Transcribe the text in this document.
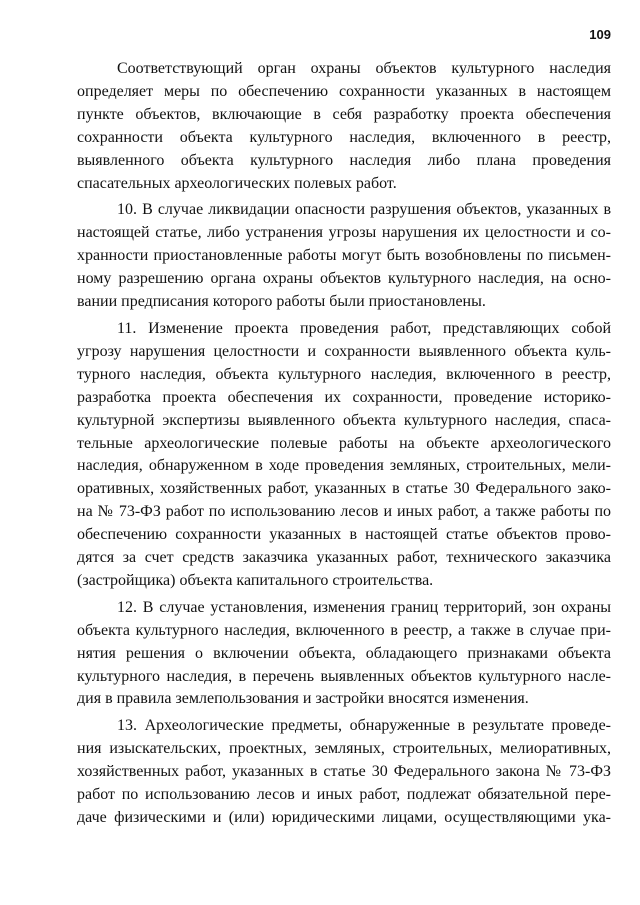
109
Соответствующий орган охраны объектов культурного наследия
определяет меры по обеспечению сохранности указанных в настоящем
пункте объектов, включающие в себя разработку проекта обеспечения
сохранности объекта культурного наследия, включенного в реестр,
выявленного объекта культурного наследия либо плана проведения
спасательных археологических полевых работ.
10. В случае ликвидации опасности разрушения объектов, указанных в
настоящей статье, либо устранения угрозы нарушения их целостности и со-
хранности приостановленные работы могут быть возобновлены по письмен-
ному разрешению органа охраны объектов культурного наследия, на осно-
вании предписания которого работы были приостановлены.
11. Изменение проекта проведения работ, представляющих собой
угрозу нарушения целостности и сохранности выявленного объекта куль-
турного наследия, объекта культурного наследия, включенного в реестр,
разработка проекта обеспечения их сохранности, проведение историко-
культурной экспертизы выявленного объекта культурного наследия, спаса-
тельные археологические полевые работы на объекте археологического
наследия, обнаруженном в ходе проведения земляных, строительных, мели-
оративных, хозяйственных работ, указанных в статье 30 Федерального зако-
на № 73-ФЗ работ по использованию лесов и иных работ, а также работы по
обеспечению сохранности указанных в настоящей статье объектов прово-
дятся за счет средств заказчика указанных работ, технического заказчика
(застройщика) объекта капитального строительства.
12. В случае установления, изменения границ территорий, зон охраны
объекта культурного наследия, включенного в реестр, а также в случае при-
нятия решения о включении объекта, обладающего признаками объекта
культурного наследия, в перечень выявленных объектов культурного насле-
дия в правила землепользования и застройки вносятся изменения.
13. Археологические предметы, обнаруженные в результате проведе-
ния изыскательских, проектных, земляных, строительных, мелиоративных,
хозяйственных работ, указанных в статье 30 Федерального закона № 73-ФЗ
работ по использованию лесов и иных работ, подлежат обязательной пере-
даче физическими и (или) юридическими лицами, осуществляющими ука-
